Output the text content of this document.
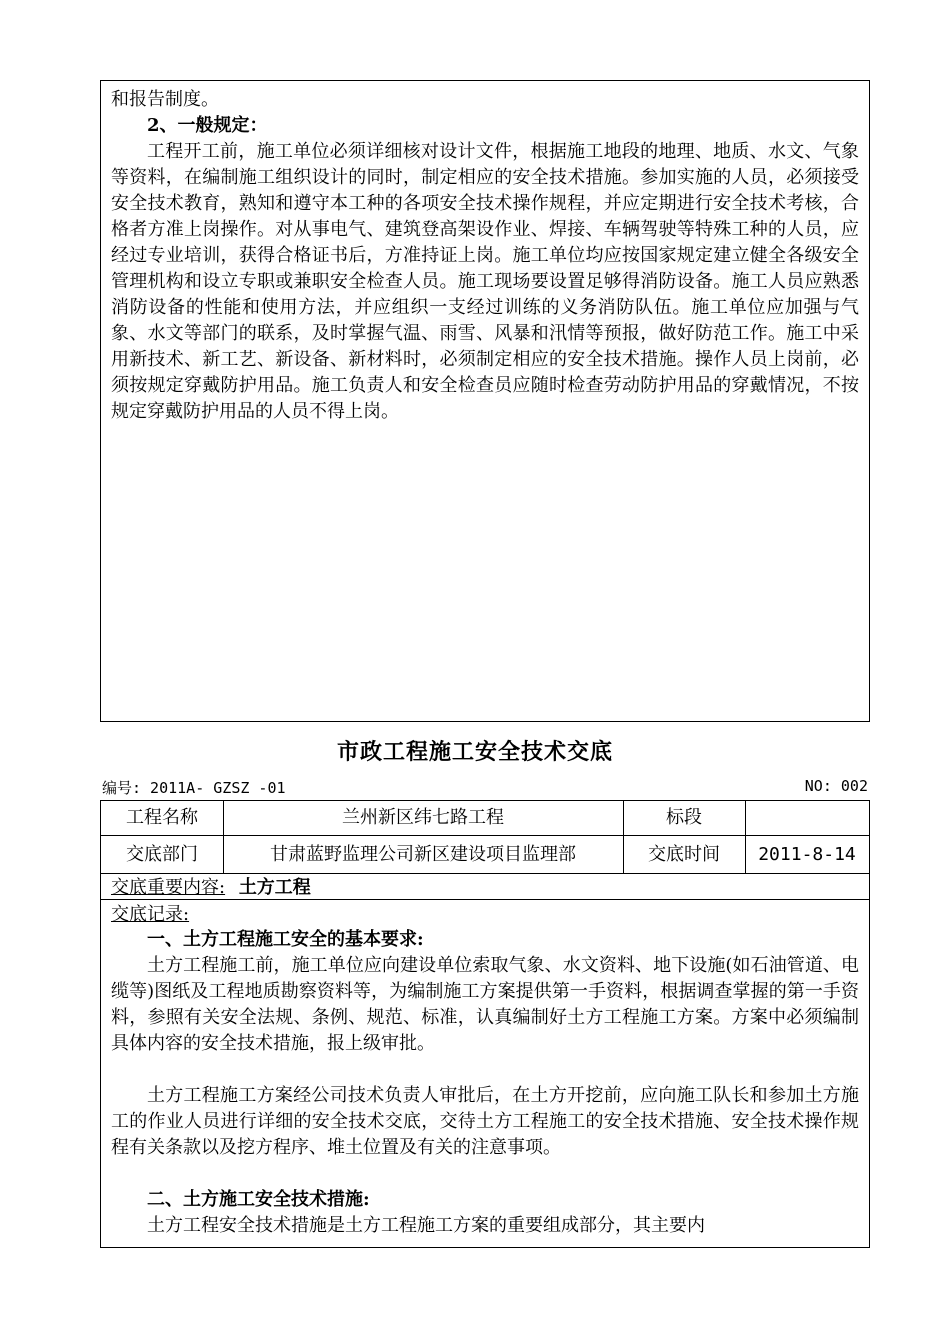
和报告制度。
2、一般规定：
工程开工前，施工单位必须详细核对设计文件，根据施工地段的地理、地质、水文、气象等资料，在编制施工组织设计的同时，制定相应的安全技术措施。参加实施的人员，必须接受安全技术教育，熟知和遵守本工种的各项安全技术操作规程，并应定期进行安全技术考核，合格者方准上岗操作。对从事电气、建筑登高架设作业、焊接、车辆驾驶等特殊工种的人员，应经过专业培训，获得合格证书后，方准持证上岗。施工单位均应按国家规定建立健全各级安全管理机构和设立专职或兼职安全检查人员。施工现场要设置足够得消防设备。施工人员应熟悉消防设备的性能和使用方法，并应组织一支经过训练的义务消防队伍。施工单位应加强与气象、水文等部门的联系，及时掌握气温、雨雪、风暴和汛情等预报，做好防范工作。施工中采用新技术、新工艺、新设备、新材料时，必须制定相应的安全技术措施。操作人员上岗前，必须按规定穿戴防护用品。施工负责人和安全检查员应随时检查劳动防护用品的穿戴情况，不按规定穿戴防护用品的人员不得上岗。
市政工程施工安全技术交底
编号: 2011A- GZSZ -01	NO: 002
工程名称	兰州新区纬七路工程	标段
交底部门	甘肃蓝野监理公司新区建设项目监理部	交底时间	2011-8-14
交底重要内容: 土方工程
交底记录:
一、土方工程施工安全的基本要求:
土方工程施工前，施工单位应向建设单位索取气象、水文资料、地下设施(如石油管道、电缆等)图纸及工程地质勘察资料等，为编制施工方案提供第一手资料，根据调查掌握的第一手资料，参照有关安全法规、条例、规范、标准，认真编制好土方工程施工方案。方案中必须编制具体内容的安全技术措施，报上级审批。
土方工程施工方案经公司技术负责人审批后，在土方开挖前，应向施工队长和参加土方施工的作业人员进行详细的安全技术交底，交待土方工程施工的安全技术措施、安全技术操作规程有关条款以及挖方程序、堆土位置及有关的注意事项。
二、土方施工安全技术措施:
土方工程安全技术措施是土方工程施工方案的重要组成部分，其主要内
